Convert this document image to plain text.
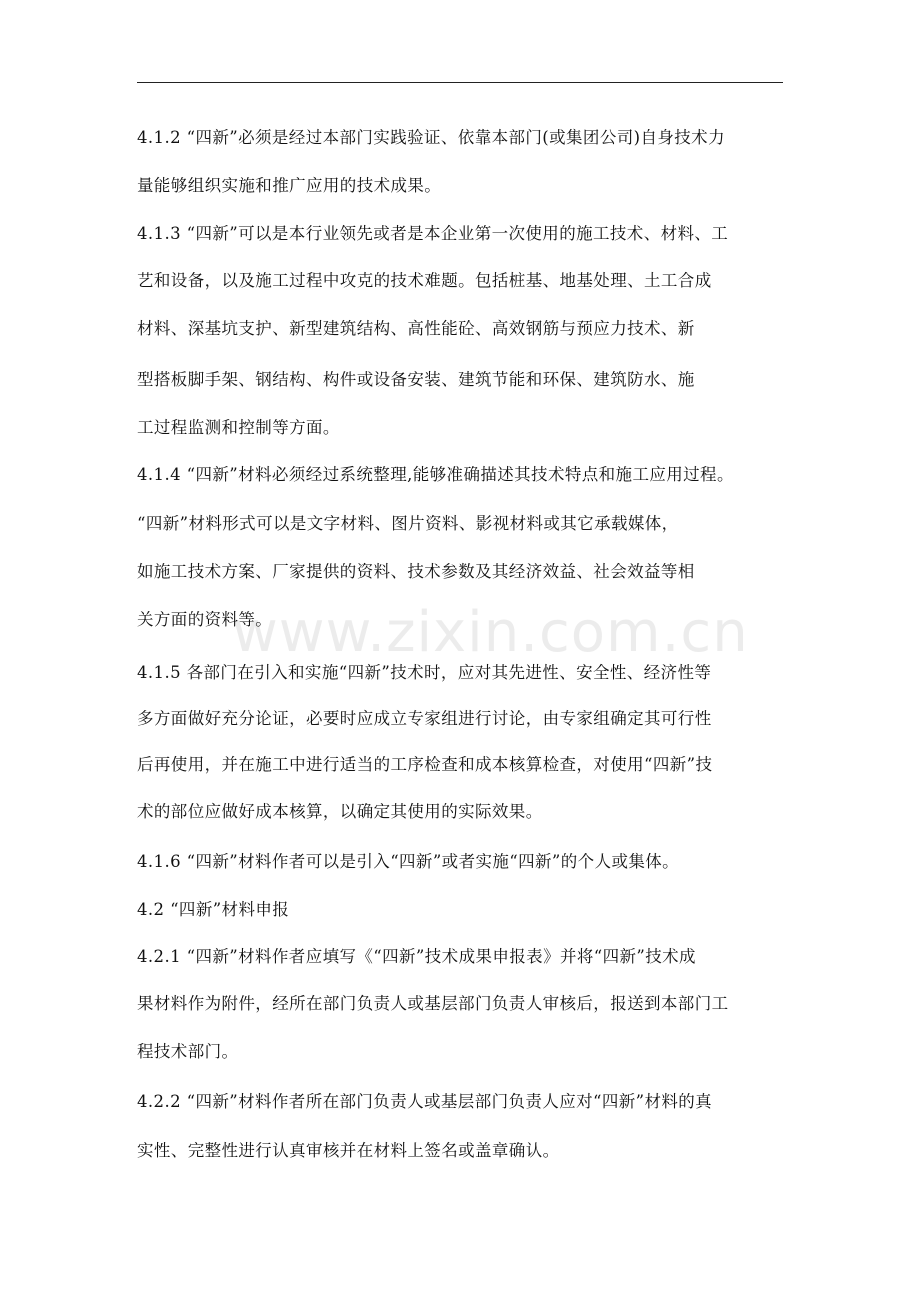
www.zixin.com.cn
4.1.2 “四新”必须是经过本部门实践验证、依靠本部门(或集团公司)自身技术力
量能够组织实施和推广应用的技术成果。
4.1.3 “四新”可以是本行业领先或者是本企业第一次使用的施工技术、材料、工
艺和设备，以及施工过程中攻克的技术难题。包括桩基、地基处理、土工合成
材料、深基坑支护、新型建筑结构、高性能砼、高效钢筋与预应力技术、新
型搭板脚手架、钢结构、构件或设备安装、建筑节能和环保、建筑防水、施
工过程监测和控制等方面。
4.1.4 “四新”材料必须经过系统整理,能够准确描述其技术特点和施工应用过程。
“四新”材料形式可以是文字材料、图片资料、影视材料或其它承载媒体，
如施工技术方案、厂家提供的资料、技术参数及其经济效益、社会效益等相
关方面的资料等。
4.1.5 各部门在引入和实施“四新”技术时，应对其先进性、安全性、经济性等
多方面做好充分论证，必要时应成立专家组进行讨论，由专家组确定其可行性
后再使用，并在施工中进行适当的工序检查和成本核算检查，对使用“四新”技
术的部位应做好成本核算，以确定其使用的实际效果。
4.1.6 “四新”材料作者可以是引入“四新”或者实施“四新”的个人或集体。
4.2 “四新”材料申报
4.2.1 “四新”材料作者应填写《“四新”技术成果申报表》并将“四新”技术成
果材料作为附件，经所在部门负责人或基层部门负责人审核后，报送到本部门工
程技术部门。
4.2.2 “四新”材料作者所在部门负责人或基层部门负责人应对“四新”材料的真
实性、完整性进行认真审核并在材料上签名或盖章确认。
